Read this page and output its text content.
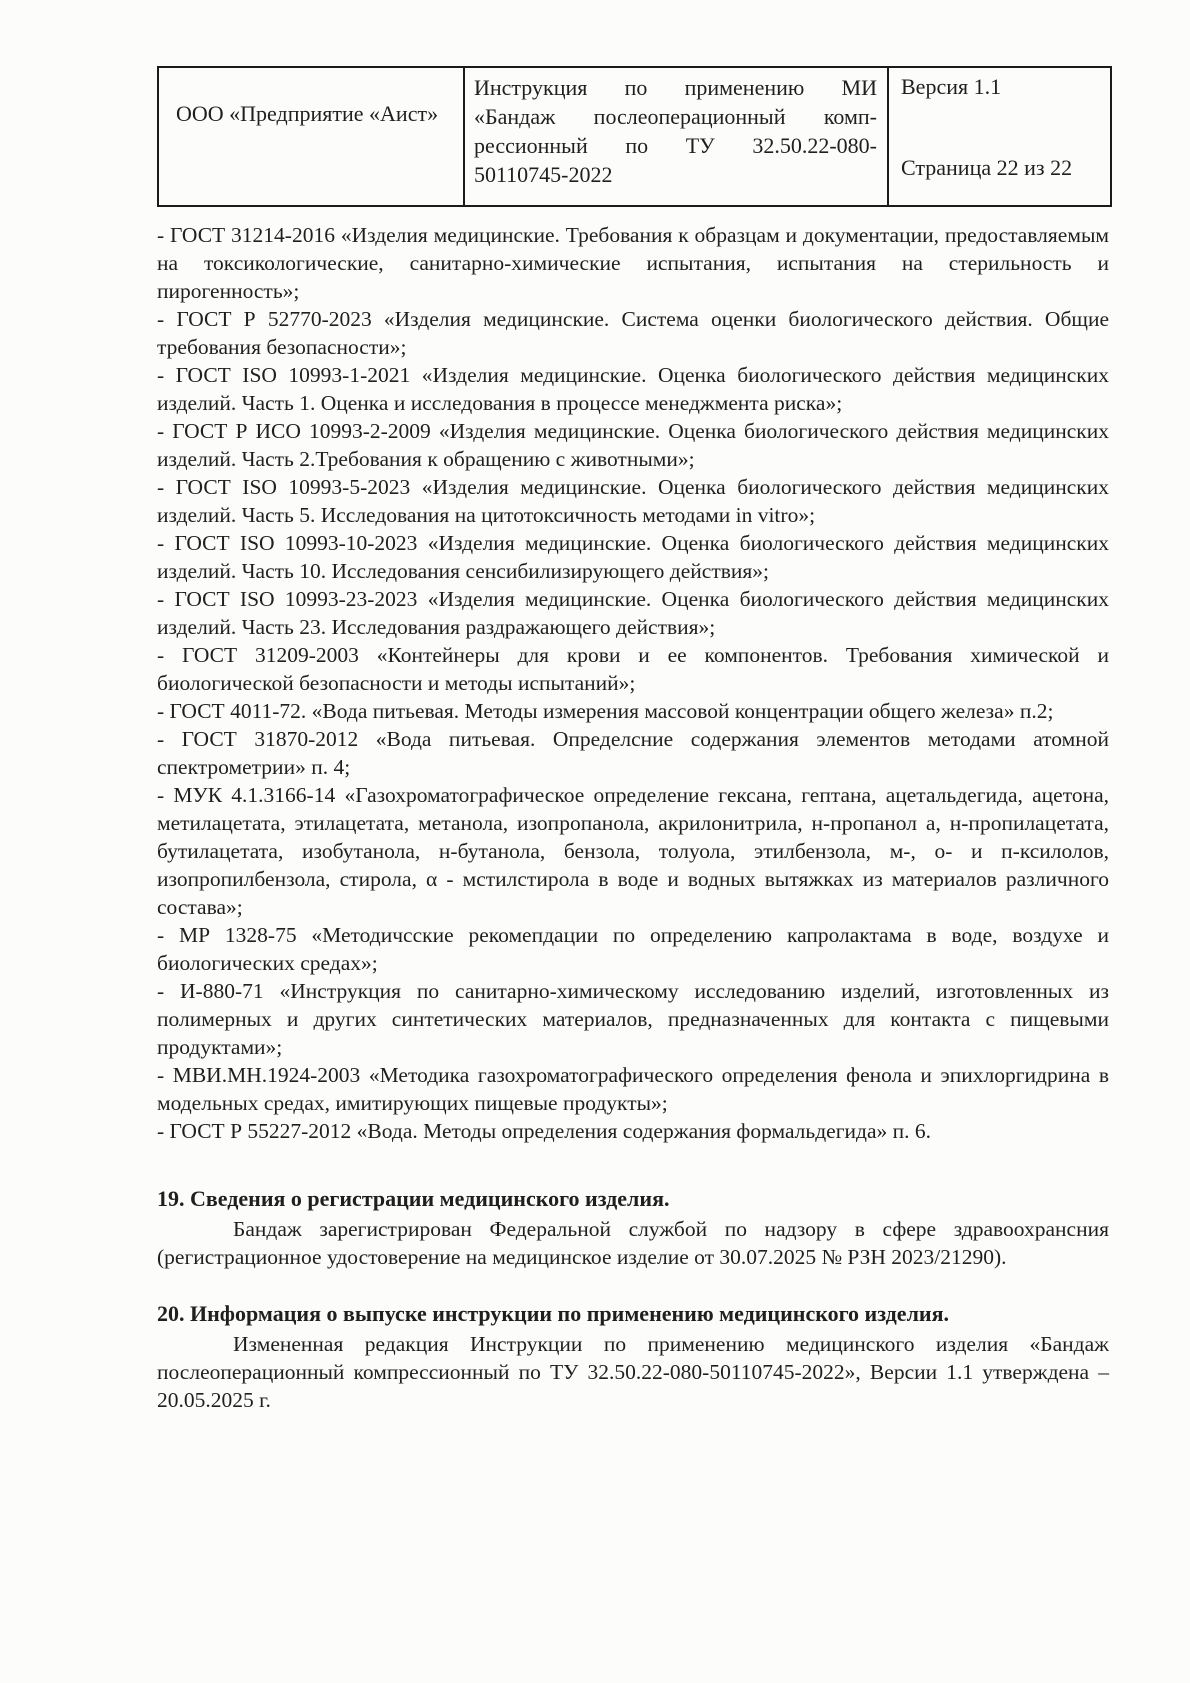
ООО «Предприятие «Аист»
Инструкция по применению МИ
«Бандаж послеоперационный комп-
рессионный по ТУ 32.50.22-080-
50110745-2022
Версия 1.1
Страница 22 из 22
- ГОСТ 31214-2016 «Изделия медицинские. Требования к образцам и документации, предоставляемым на токсикологические, санитарно-химические испытания, испытания на стерильность и пирогенность»;
- ГОСТ Р 52770-2023 «Изделия медицинские. Система оценки биологического действия. Общие требования безопасности»;
- ГОСТ ISO 10993-1-2021 «Изделия медицинские. Оценка биологического действия медицинских изделий. Часть 1. Оценка и исследования в процессе менеджмента риска»;
- ГОСТ Р ИСО 10993-2-2009 «Изделия медицинские. Оценка биологического действия медицинских изделий. Часть 2.Требования к обращению с животными»;
- ГОСТ ISO 10993-5-2023 «Изделия медицинские. Оценка биологического действия медицинских изделий. Часть 5. Исследования на цитотоксичность методами in vitro»;
- ГОСТ ISO 10993-10-2023 «Изделия медицинские. Оценка биологического действия медицинских изделий. Часть 10. Исследования сенсибилизирующего действия»;
- ГОСТ ISO 10993-23-2023 «Изделия медицинские. Оценка биологического действия медицинских изделий. Часть 23. Исследования раздражающего действия»;
- ГОСТ 31209-2003 «Контейнеры для крови и ее компонентов. Требования химической и биологической безопасности и методы испытаний»;
- ГОСТ 4011-72. «Вода питьевая. Методы измерения массовой концентрации общего железа» п.2;
- ГОСТ 31870-2012 «Вода питьевая. Определсние содержания элементов методами атомной спектрометрии» п. 4;
- МУК 4.1.3166-14 «Газохроматографическое определение гексана, гептана, ацетальдегида, ацетона, метилацетата, этилацетата, метанола, изопропанола, акрилонитрила, н-пропанол а, н-пропилацетата, бутилацетата, изобутанола, н-бутанола, бензола, толуола, этилбензола, м-, о- и п-ксилолов, изопропилбензола, стирола, α - мстилстирола в воде и водных вытяжках из материалов различного состава»;
- МР 1328-75 «Методичсские рекомепдации по определению капролактама в воде, воздухе и биологических средах»;
- И-880-71 «Инструкция по санитарно-химическому исследованию изделий, изготовленных из полимерных и других синтетических материалов, предназначенных для контакта с пищевыми продуктами»;
- МВИ.МН.1924-2003 «Методика газохроматографического определения фенола и эпихлоргидрина в модельных средах, имитирующих пищевые продукты»;
- ГОСТ Р 55227-2012 «Вода. Методы определения содержания формальдегида» п. 6.
19. Сведения о регистрации медицинского изделия.
Бандаж зарегистрирован Федеральной службой по надзору в сфере здравоохрансния (регистрационное удостоверение на медицинское изделие от 30.07.2025 № РЗН 2023/21290).
20. Информация о выпуске инструкции по применению медицинского изделия.
Измененная редакция Инструкции по применению медицинского изделия «Бандаж послеоперационный компрессионный по ТУ 32.50.22-080-50110745-2022», Версии 1.1 утверждена – 20.05.2025 г.
